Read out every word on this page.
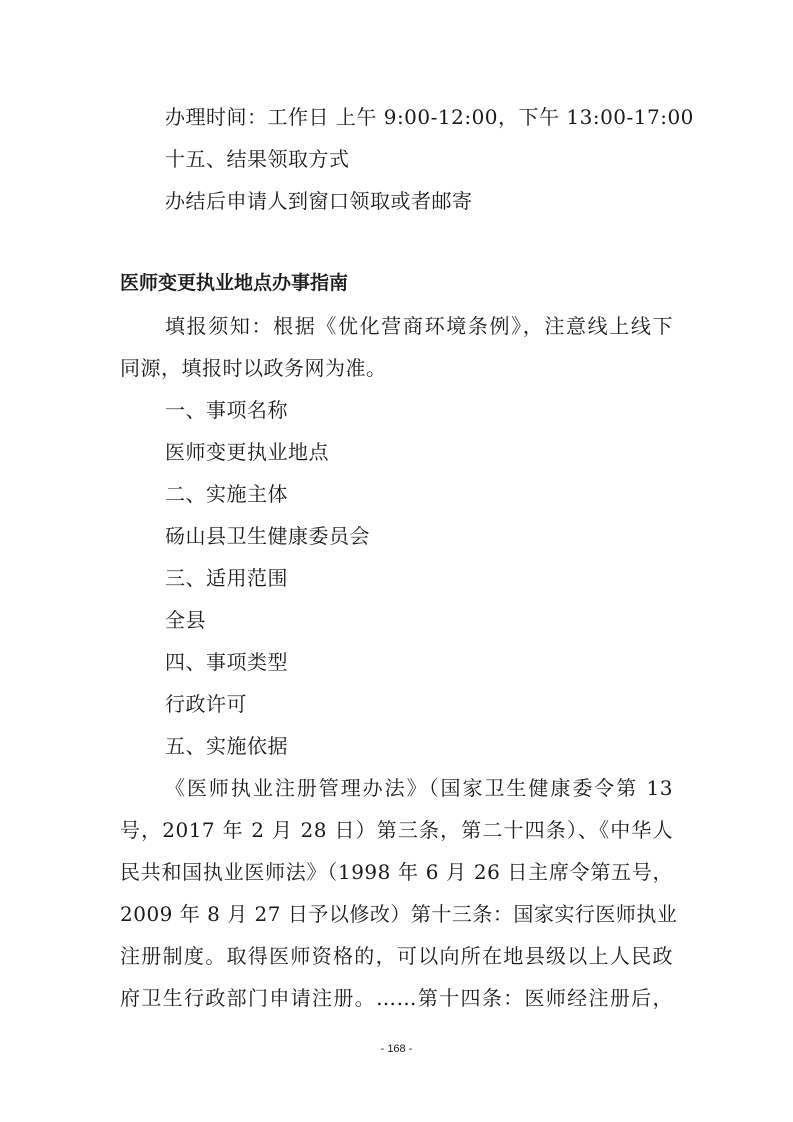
办理时间：工作日 上午 9:00-12:00，下午 13:00-17:00
十五、结果领取方式
办结后申请人到窗口领取或者邮寄
医师变更执业地点办事指南
填报须知：根据《优化营商环境条例》，注意线上线下
同源，填报时以政务网为准。
一、事项名称
医师变更执业地点
二、实施主体
砀山县卫生健康委员会
三、适用范围
全县
四、事项类型
行政许可
五、实施依据
《医师执业注册管理办法》（国家卫生健康委令第 13
号，2017 年 2 月 28 日）第三条，第二十四条）、《中华人
民共和国执业医师法》（1998 年 6 月 26 日主席令第五号，
2009 年 8 月 27 日予以修改）第十三条：国家实行医师执业
注册制度。取得医师资格的，可以向所在地县级以上人民政
府卫生行政部门申请注册。……第十四条：医师经注册后，
- 168 -
